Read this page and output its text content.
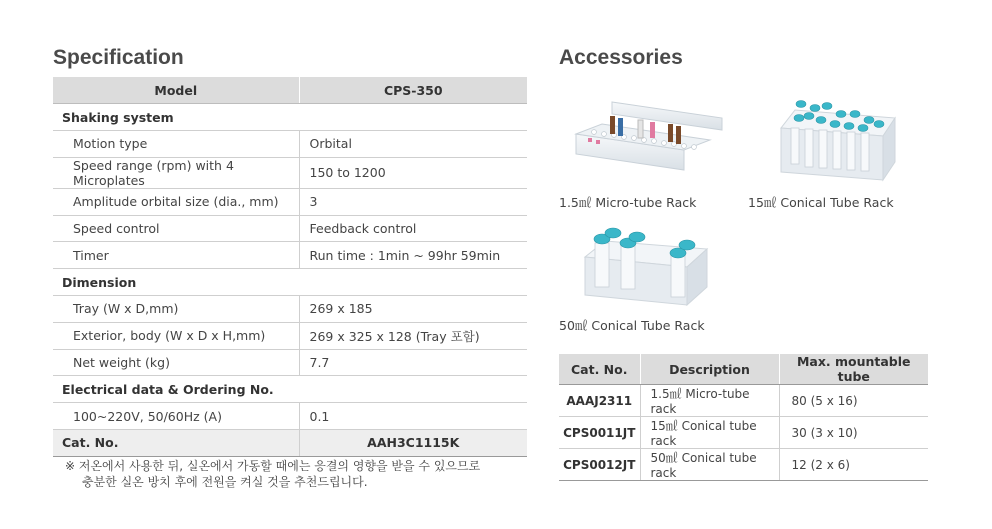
Specification
Model	CPS-350
Shaking system	
Motion type	Orbital
Speed range (rpm) with 4 Microplates	150 to 1200
Amplitude orbital size (dia., mm)	3
Speed control	Feedback control
Timer	Run time : 1min ~ 99hr 59min
Dimension	
Tray (W x D,mm)	269 x 185
Exterior, body (W x D x H,mm)	269 x 325 x 128 (Tray 포함)
Net weight (kg)	7.7
Electrical data & Ordering No.	
100~220V, 50/60Hz (A)	0.1
Cat. No.	AAH3C1115K
※ 저온에서 사용한 뒤, 실온에서 가동할 때에는 응결의 영향을 받을 수 있으므로
충분한 실온 방치 후에 전원을 켜실 것을 추천드립니다.
Accessories
1.5㎖ Micro-tube Rack	15㎖ Conical Tube Rack
50㎖ Conical Tube Rack
Cat. No.	Description	Max. mountable tube
AAAJ2311	1.5㎖ Micro-tube rack	80 (5 x 16)
CPS0011JT	15㎖ Conical tube rack	30 (3 x 10)
CPS0012JT	50㎖ Conical tube rack	12 (2 x 6)
